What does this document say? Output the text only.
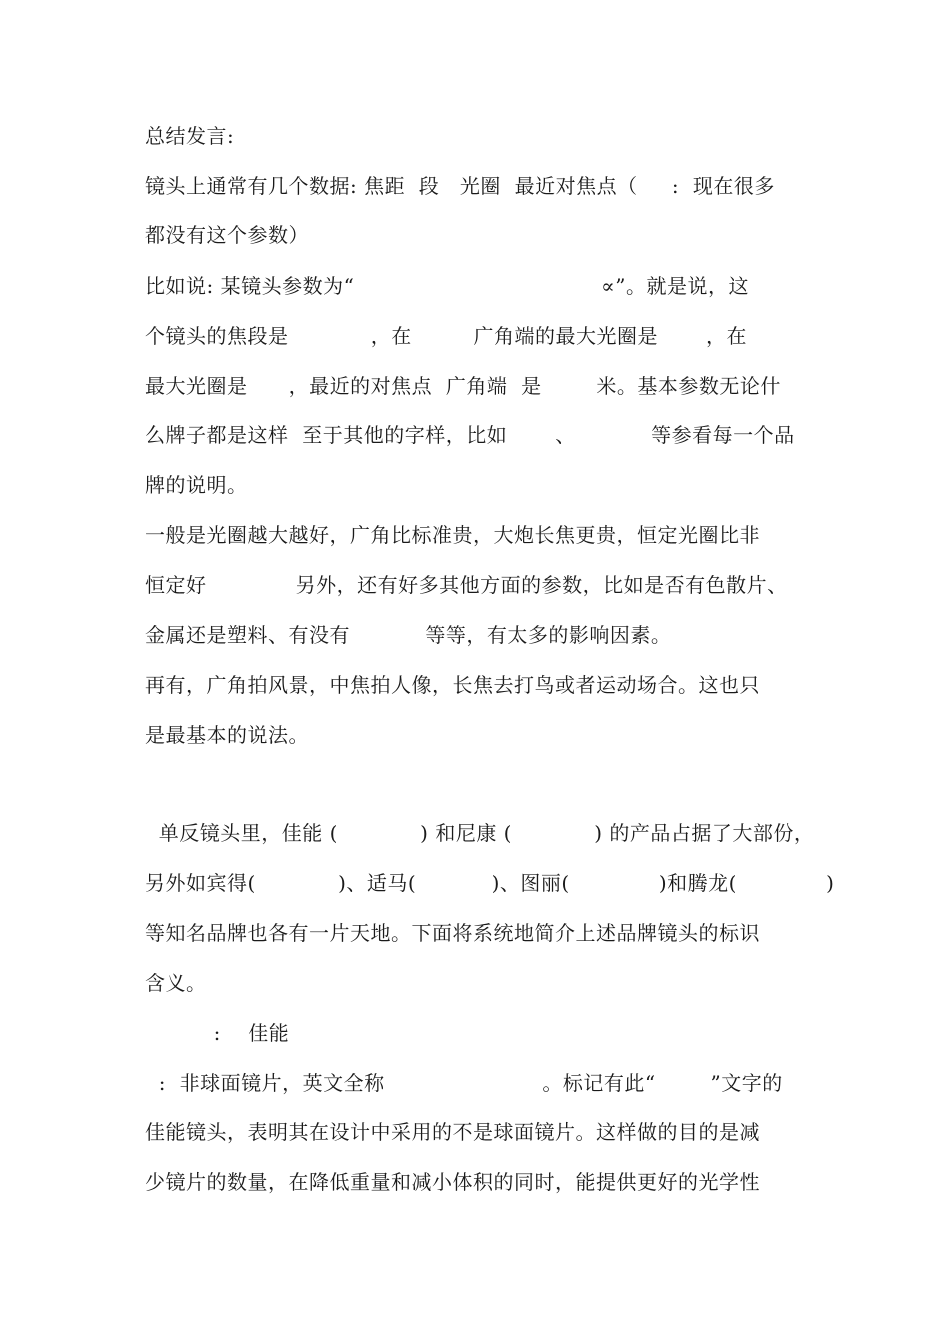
总结发言:
镜头上通常有几个数据: 焦距  段   光圈  最近对焦点（     :  现在很多
都没有这个参数）
比如说: 某镜头参数为“                                    ∝”。就是说，这
个镜头的焦段是            ，在         广角端的最大光圈是       ，在
最大光圈是      ，最近的对焦点  广角端  是        米。基本参数无论什
么牌子都是这样  至于其他的字样，比如       、           等参看每一个品
牌的说明。
一般是光圈越大越好，广角比标准贵，大炮长焦更贵，恒定光圈比非
恒定好             另外，还有好多其他方面的参数，比如是否有色散片、
金属还是塑料、有没有           等等，有太多的影响因素。
再有，广角拍风景，中焦拍人像，长焦去打鸟或者运动场合。这也只
是最基本的说法。
单反镜头里，佳能 (            ) 和尼康 (            ) 的产品占据了大部份，
另外如宾得(            )、适马(           )、图丽(             )和腾龙(             )
等知名品牌也各有一片天地。下面将系统地简介上述品牌镜头的标识
含义。
:    佳能
:  非球面镜片，英文全称                       。标记有此“        ”文字的
佳能镜头，表明其在设计中采用的不是球面镜片。这样做的目的是减
少镜片的数量，在降低重量和减小体积的同时，能提供更好的光学性
